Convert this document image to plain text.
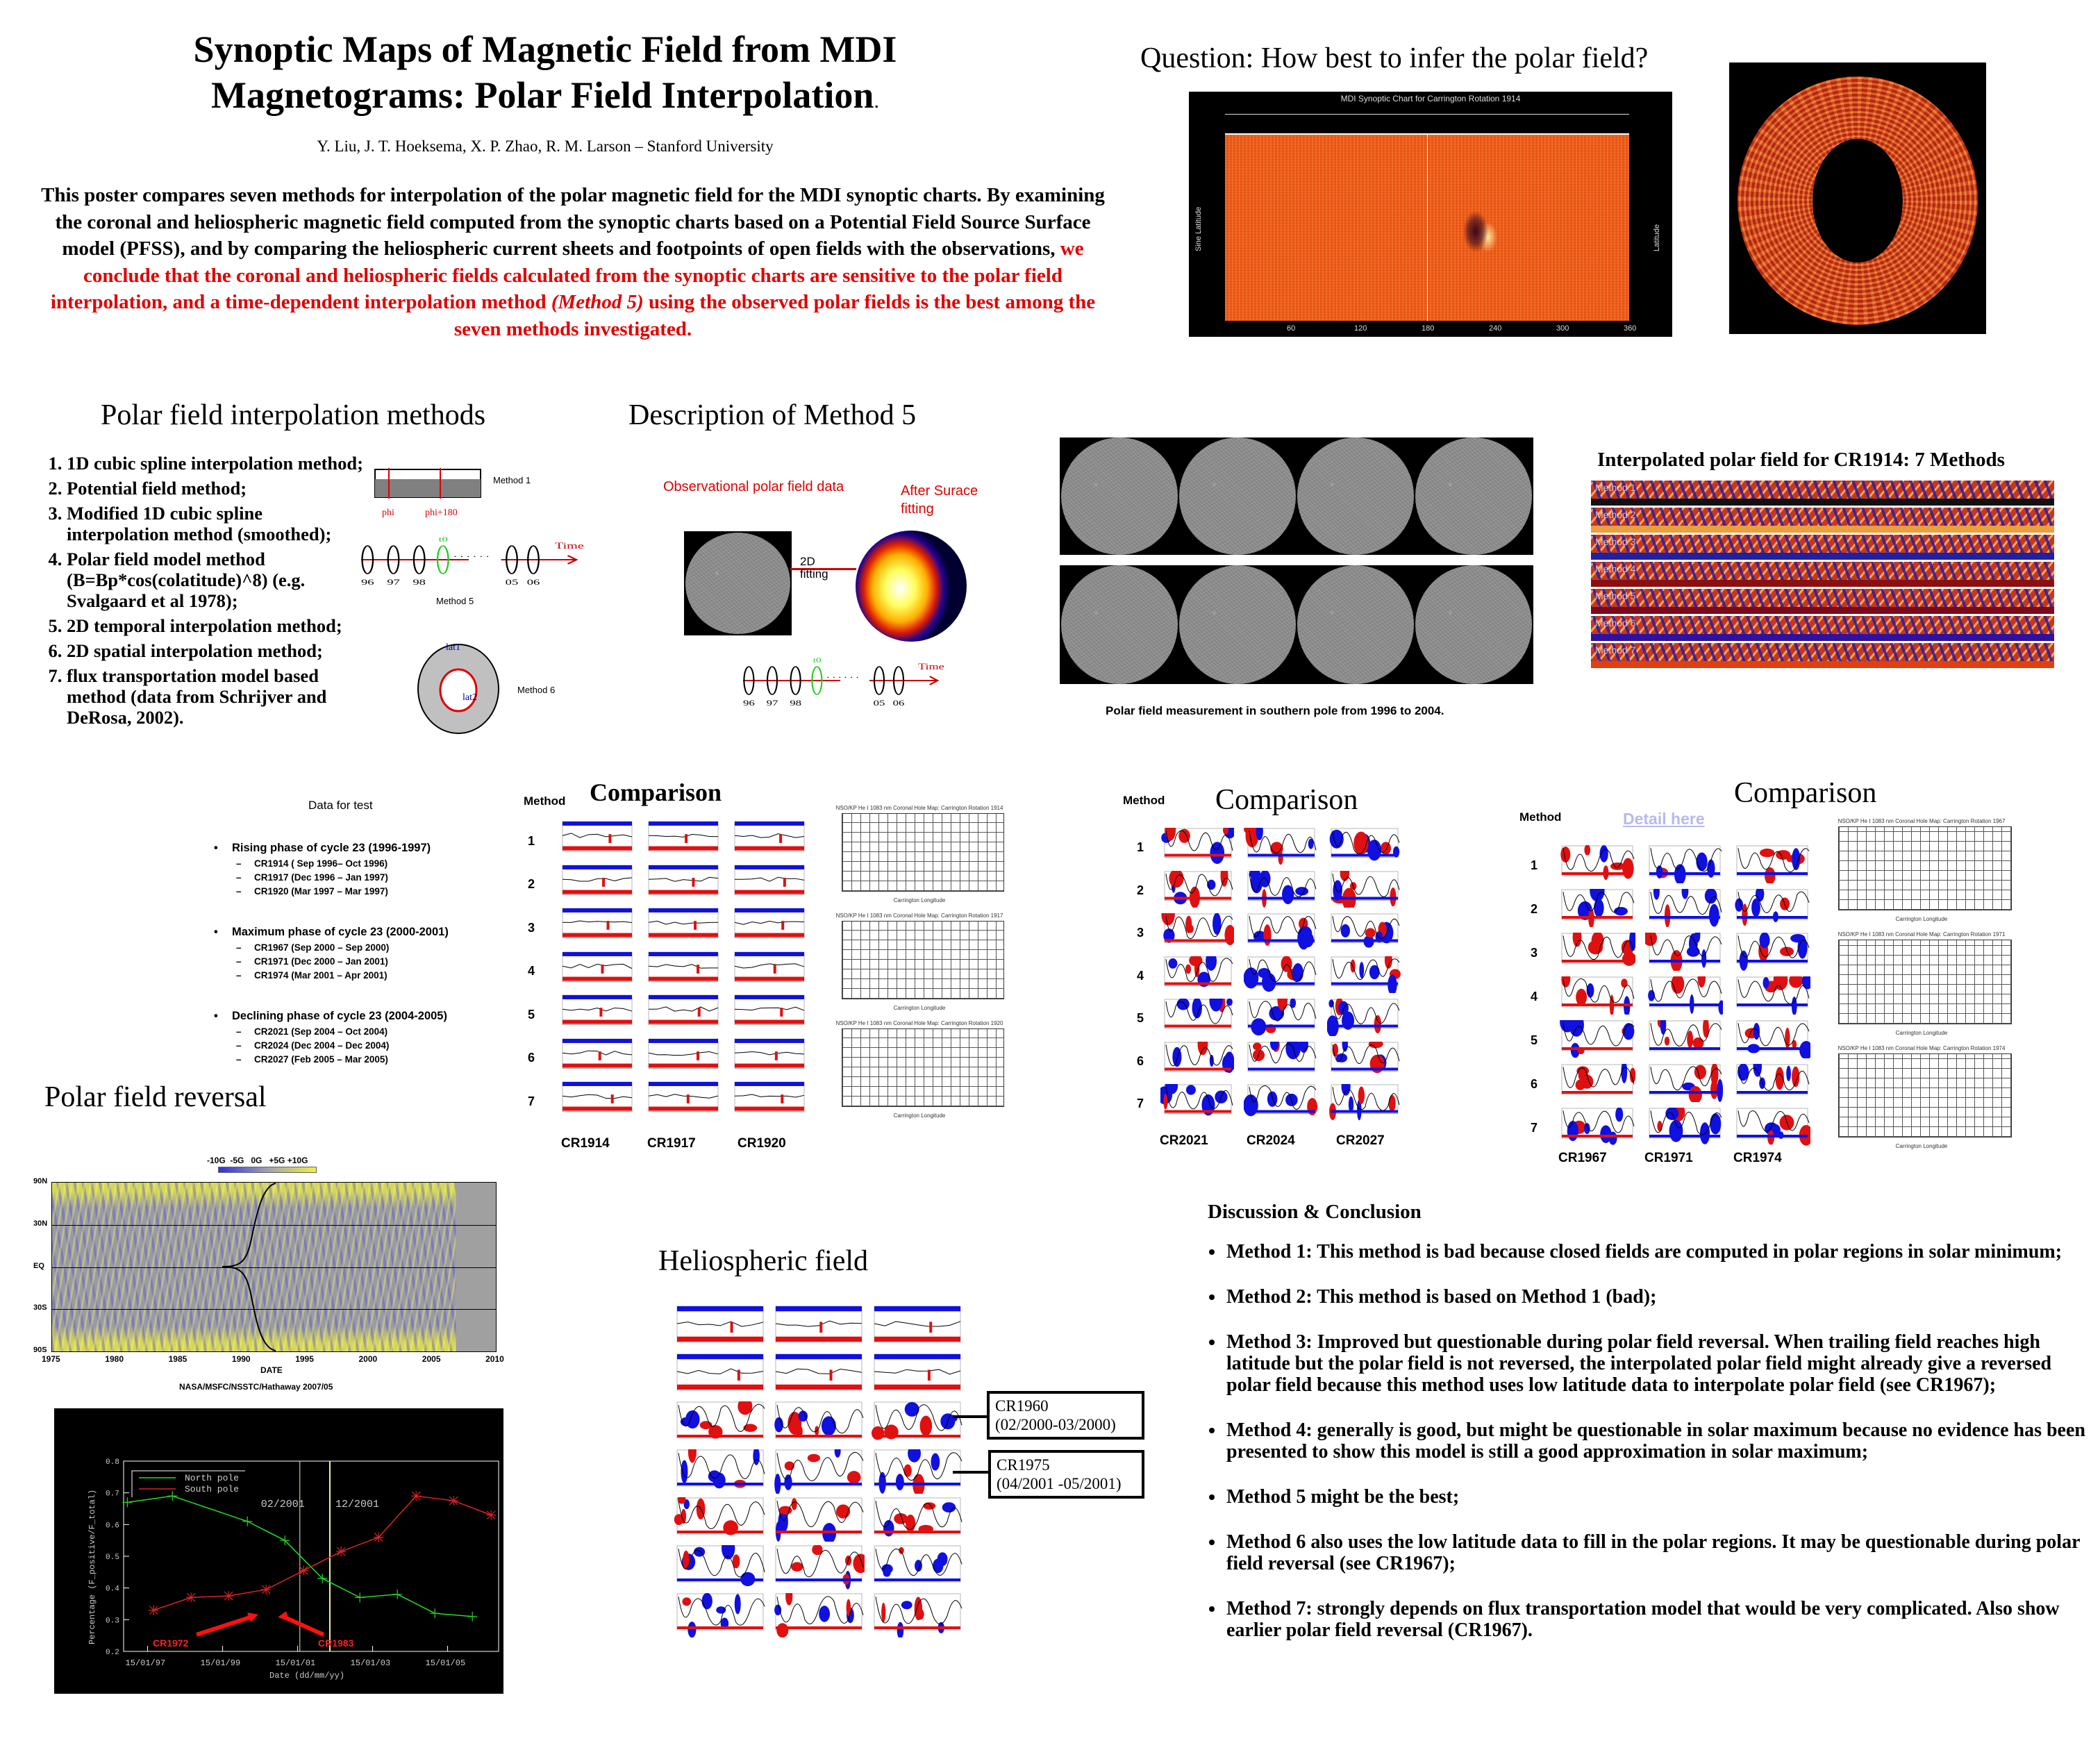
Synoptic Maps of Magnetic Field from MDI
Magnetograms: Polar Field Interpolation.
Y. Liu, J. T. Hoeksema, X. P. Zhao, R. M. Larson – Stanford University
This poster compares seven methods for interpolation of the polar magnetic field for the MDI synoptic charts. By examining the coronal and heliospheric magnetic field computed from the synoptic charts based on a Potential Field Source Surface model (PFSS), and by comparing the heliospheric current sheets and footpoints of open fields with the observations, we conclude that the coronal and heliospheric fields calculated from the synoptic charts are sensitive to the polar field interpolation, and a time-dependent interpolation method (Method 5) using the observed polar fields is the best among the seven methods investigated.
Question: How best to infer the polar field?
MDI Synoptic Chart for Carrington Rotation 1914
Sine Latitude	Latitude
60	120	180	240	300	360
Polar field interpolation methods
1. 1D cubic spline interpolation method;
2. Potential field method;
3. Modified 1D cubic spline interpolation method (smoothed);
4. Polar field model method (B=Bp*cos(colatitude)^8) (e.g. Svalgaard et al 1978);
5. 2D temporal interpolation method;
6. 2D spatial interpolation method;
7. flux transportation model based method (data from Schrijver and DeRosa, 2002).
Method 1
phi	phi+180
96 97 98	05 06
t0
Time
. . . . . .
Method 5
lat1
lat2
Method 6
Description of Method 5
Observational polar field data	After Surace fitting
2D fitting
96 97 98	05 06
t0
Time
. . . . . .
Polar field measurement in southern pole from 1996 to 2004.
Interpolated polar field for CR1914: 7 Methods
Method 1
Method 2
Method 3
Method 4
Method 5
Method 6
Method 7
Data for test
• Rising phase of cycle 23 (1996-1997)
– CR1914 ( Sep 1996– Oct 1996)
– CR1917 (Dec 1996 – Jan 1997)
– CR1920 (Mar 1997 – Mar 1997)
• Maximum phase of cycle 23 (2000-2001)
– CR1967 (Sep 2000 – Sep 2000)
– CR1971 (Dec 2000 – Jan 2001)
– CR1974 (Mar 2001 – Apr 2001)
• Declining phase of cycle 23 (2004-2005)
– CR2021 (Sep 2004 – Oct 2004)
– CR2024 (Dec 2004 – Dec 2004)
– CR2027 (Feb 2005 – Mar 2005)
Method Comparison
1
2
3
4
5
6
7
CR1914	CR1917	CR1920
NSO/KP He I 1083 nm Coronal Hole Map: Carrington Rotation 1914
Carrington Longitude
NSO/KP He I 1083 nm Coronal Hole Map: Carrington Rotation 1917
Carrington Longitude
NSO/KP He I 1083 nm Coronal Hole Map: Carrington Rotation 1920
Carrington Longitude
Method Comparison
1
2
3
4
5
6
7
CR2021	CR2024	CR2027
Comparison
Method	Detail here
1
2
3
4
5
6
7
CR1967	CR1971	CR1974
NSO/KP He I 1083 nm Coronal Hole Map: Carrington Rotation 1967
Carrington Longitude
NSO/KP He I 1083 nm Coronal Hole Map: Carrington Rotation 1971
Carrington Longitude
NSO/KP He I 1083 nm Coronal Hole Map: Carrington Rotation 1974
Carrington Longitude
Polar field reversal
-10G  -5G   0G   +5G +10G
90N
30N
EQ
30S
90S
1975	1980	1985	1990	1995	2000	2005	2010
DATE
NASA/MSFC/NSSTC/Hathaway 2007/05
0.2
0.3
0.4
0.5
0.6
0.7
0.8
15/01/97	15/01/99	15/01/01	15/01/03	15/01/05
Date (dd/mm/yy)
Percentage (F_positive/F_total)	02/2001	12/2001
North pole
South pole
CR1972	CR1983
Heliospheric field
CR1960
(02/2000-03/2000)
CR1975
(04/2001 -05/2001)
Discussion & Conclusion
• Method 1: This method is bad because closed fields are computed in polar regions in solar minimum;
• Method 2: This method is based on Method 1 (bad);
• Method 3: Improved but questionable during polar field reversal. When trailing field reaches high latitude but the polar field is not reversed, the interpolated polar field might already give a reversed polar field because this method uses low latitude data to interpolate polar field (see CR1967);
• Method 4: generally is good, but might be questionable in solar maximum because no evidence has been presented to show this model is still a good approximation in solar maximum;
• Method 5 might be the best;
• Method 6 also uses the low latitude data to fill in the polar regions. It may be questionable during polar field reversal (see CR1967);
• Method 7: strongly depends on flux transportation model that would be very complicated. Also show earlier polar field reversal (CR1967).
